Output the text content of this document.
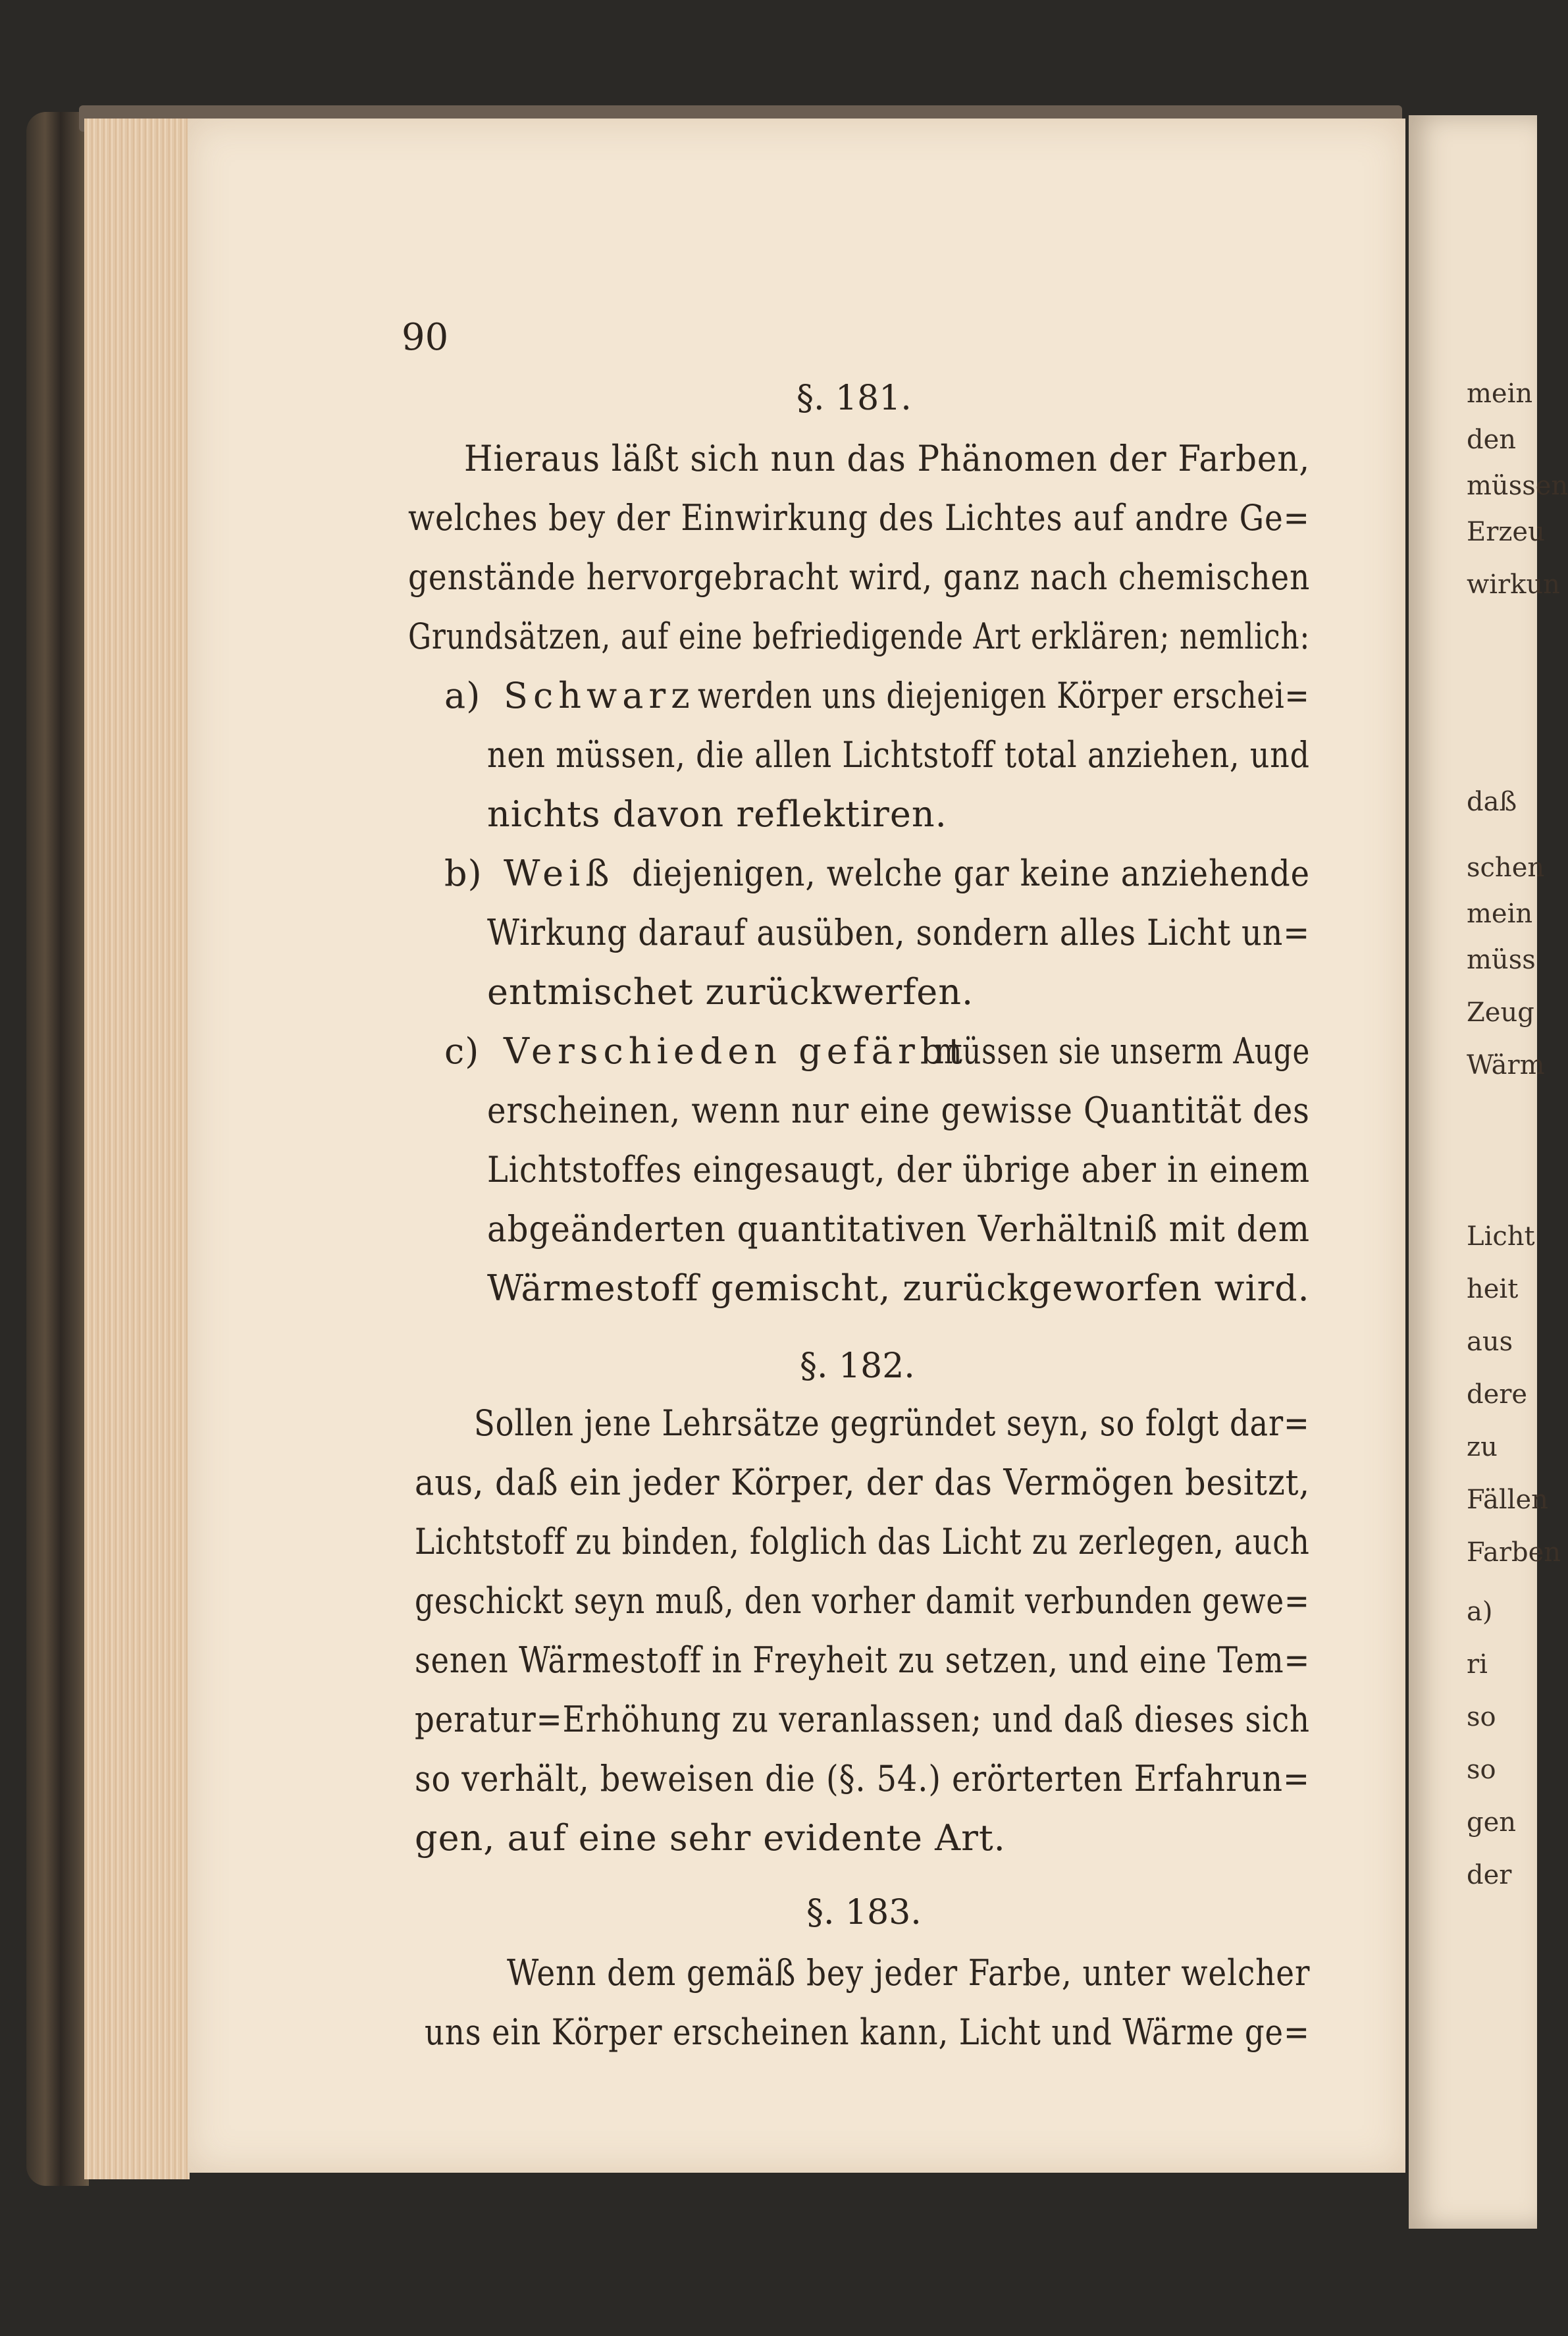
mein
den
müssen
Erzeu
wirkun
daß
schen
mein
müss
Zeug
Wärm
Licht
heit
aus
dere
zu
Fällen
Farben
a)
ri
so
so
gen
der
90
§. 181.
Hieraus läßt sich nun das Phänomen der Farben,
welches bey der Einwirkung des Lichtes auf andre Ge=
genstände hervorgebracht wird, ganz nach chemischen
Grundsätzen, auf eine befriedigende Art erklären; nemlich:
a) Schwarz werden uns diejenigen Körper erschei=
nen müssen, die allen Lichtstoff total anziehen, und
nichts davon reflektiren.
b) Weiß diejenigen, welche gar keine anziehende
Wirkung darauf ausüben, sondern alles Licht un=
entmischet zurückwerfen.
c) Verschieden gefärbt
müssen sie unserm Auge
erscheinen, wenn nur eine gewisse Quantität des
Lichtstoffes eingesaugt, der übrige aber in einem
abgeänderten quantitativen Verhältniß mit dem
Wärmestoff gemischt, zurückgeworfen wird.
§. 182.
Sollen jene Lehrsätze gegründet seyn, so folgt dar=
aus, daß ein jeder Körper, der das Vermögen besitzt,
Lichtstoff zu binden, folglich das Licht zu zerlegen, auch
geschickt seyn muß, den vorher damit verbunden gewe=
senen Wärmestoff in Freyheit zu setzen, und eine Tem=
peratur=Erhöhung zu veranlassen; und daß dieses sich
so verhält, beweisen die (§. 54.) erörterten Erfahrun=
gen, auf eine sehr evidente Art.
§. 183.
Wenn dem gemäß bey jeder Farbe, unter welcher
uns ein Körper erscheinen kann, Licht und Wärme ge=
